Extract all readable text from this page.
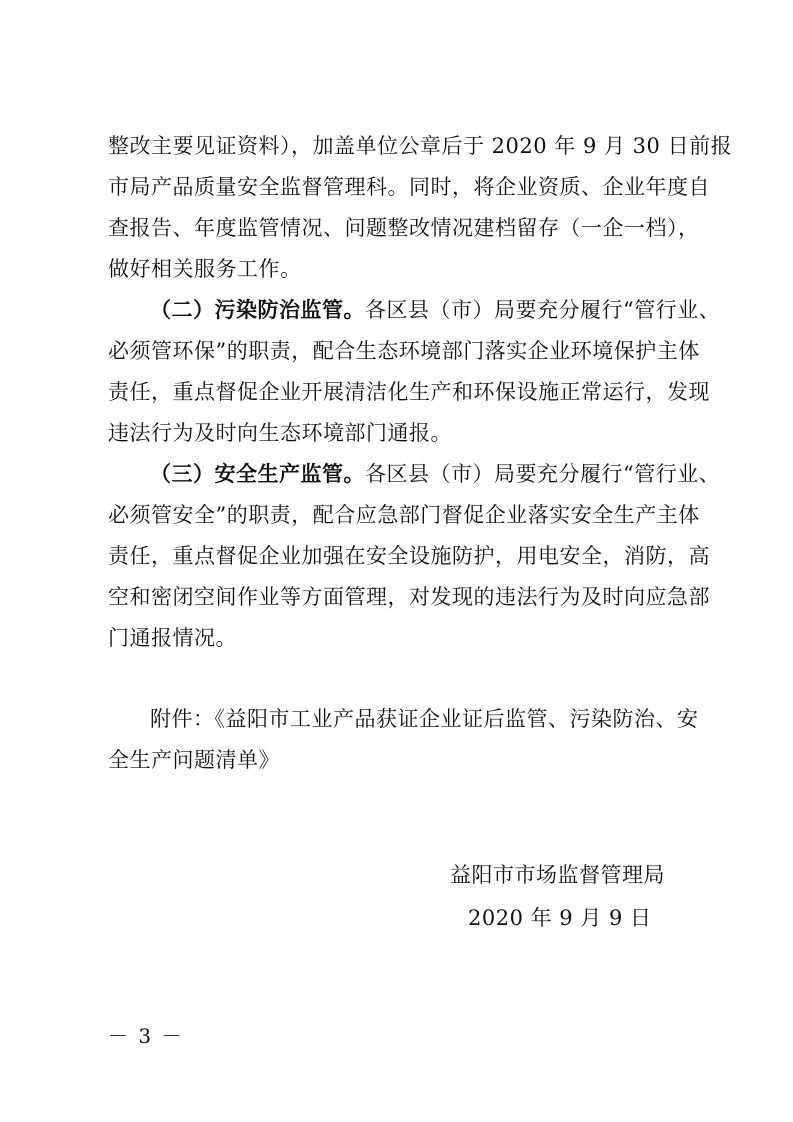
整改主要见证资料），加盖单位公章后于 2020 年 9 月 30 日前报
市局产品质量安全监督管理科。同时，将企业资质、企业年度自
查报告、年度监管情况、问题整改情况建档留存（一企一档），
做好相关服务工作。
（二）污染防治监管。各区县（市）局要充分履行“管行业、
必须管环保”的职责，配合生态环境部门落实企业环境保护主体
责任，重点督促企业开展清洁化生产和环保设施正常运行，发现
违法行为及时向生态环境部门通报。
（三）安全生产监管。各区县（市）局要充分履行“管行业、
必须管安全”的职责，配合应急部门督促企业落实安全生产主体
责任，重点督促企业加强在安全设施防护，用电安全，消防，高
空和密闭空间作业等方面管理，对发现的违法行为及时向应急部
门通报情况。
附件：《益阳市工业产品获证企业证后监管、污染防治、安
全生产问题清单》
益阳市市场监督管理局
2020 年 9 月 9 日
－ 3 －
